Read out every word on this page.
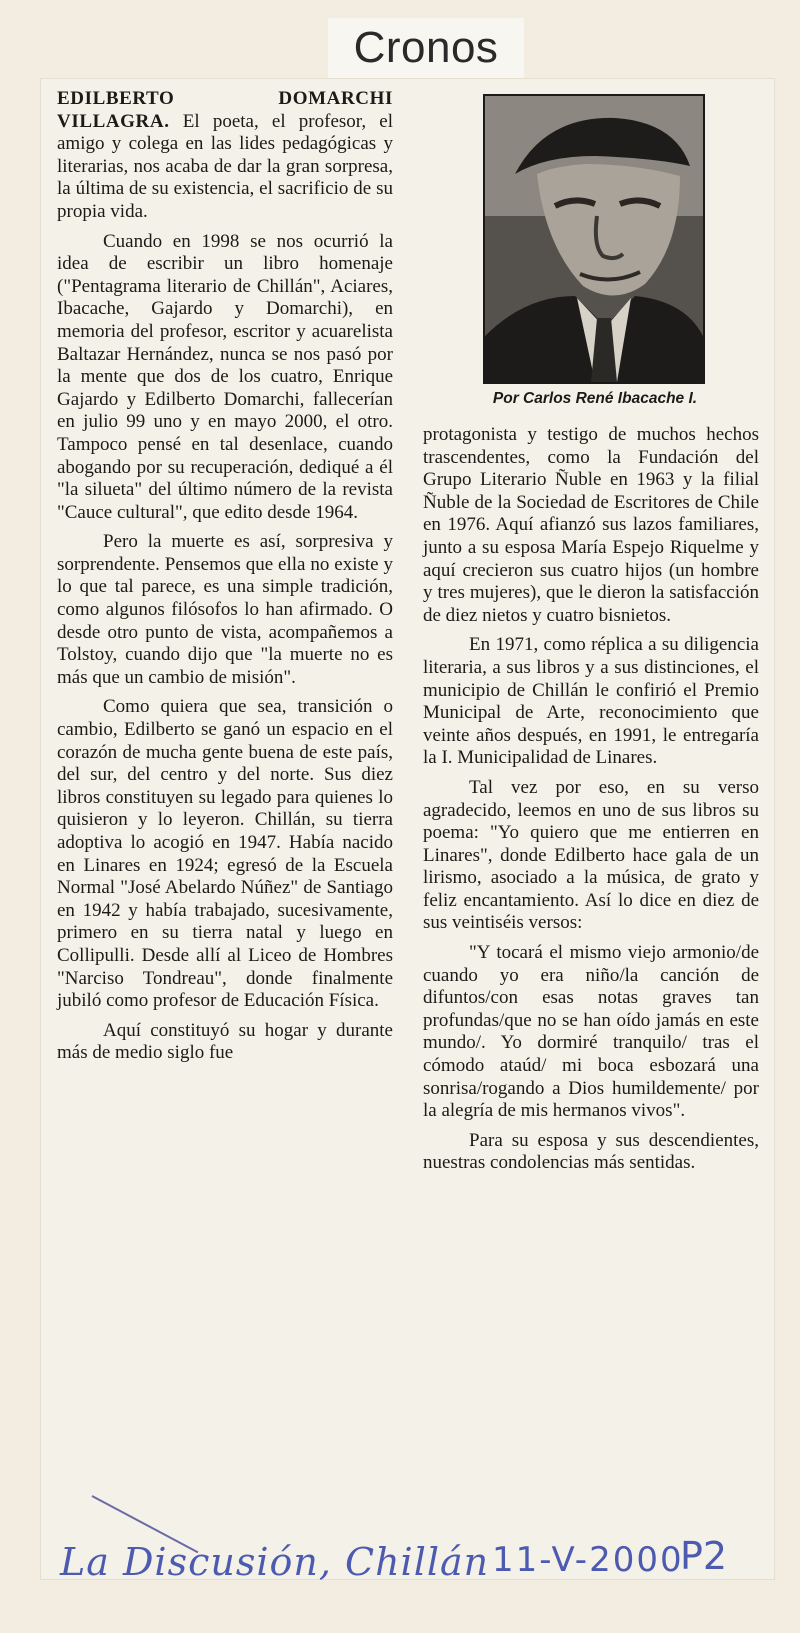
Cronos

EDILBERTO DOMARCHI VILLAGRA. El poeta, el profesor, el amigo y colega en las lides pedagógicas y literarias, nos acaba de dar la gran sorpresa, la última de su existencia, el sacrificio de su propia vida.

Cuando en 1998 se nos ocurrió la idea de escribir un libro homenaje ("Pentagrama literario de Chillán", Aciares, Ibacache, Gajardo y Domarchi), en memoria del profesor, escritor y acuarelista Baltazar Hernández, nunca se nos pasó por la mente que dos de los cuatro, Enrique Gajardo y Edilberto Domarchi, fallecerían en julio 99 uno y en mayo 2000, el otro. Tampoco pensé en tal desenlace, cuando abogando por su recuperación, dediqué a él "la silueta" del último número de la revista "Cauce cultural", que edito desde 1964.

Pero la muerte es así, sorpresiva y sorprendente. Pensemos que ella no existe y lo que tal parece, es una simple tradición, como algunos filósofos lo han afirmado. O desde otro punto de vista, acompañemos a Tolstoy, cuando dijo que "la muerte no es más que un cambio de misión".

Como quiera que sea, transición o cambio, Edilberto se ganó un espacio en el corazón de mucha gente buena de este país, del sur, del centro y del norte. Sus diez libros constituyen su legado para quienes lo quisieron y lo leyeron. Chillán, su tierra adoptiva lo acogió en 1947. Había nacido en Linares en 1924; egresó de la Escuela Normal "José Abelardo Núñez" de Santiago en 1942 y había trabajado, sucesivamente, primero en su tierra natal y luego en Collipulli. Desde allí al Liceo de Hombres "Narciso Tondreau", donde finalmente jubiló como profesor de Educación Física.

Aquí constituyó su hogar y durante más de medio siglo fue

Por Carlos René Ibacache I.

protagonista y testigo de muchos hechos trascendentes, como la Fundación del Grupo Literario Ñuble en 1963 y la filial Ñuble de la Sociedad de Escritores de Chile en 1976. Aquí afianzó sus lazos familiares, junto a su esposa María Espejo Riquelme y aquí crecieron sus cuatro hijos (un hombre y tres mujeres), que le dieron la satisfacción de diez nietos y cuatro bisnietos.

En 1971, como réplica a su diligencia literaria, a sus libros y a sus distinciones, el municipio de Chillán le confirió el Premio Municipal de Arte, reconocimiento que veinte años después, en 1991, le entregaría la I. Municipalidad de Linares.

Tal vez por eso, en su verso agradecido, leemos en uno de sus libros su poema: "Yo quiero que me entierren en Linares", donde Edilberto hace gala de un lirismo, asociado a la música, de grato y feliz encantamiento. Así lo dice en diez de sus veintiséis versos:

"Y tocará el mismo viejo armonio/de cuando yo era niño/la canción de difuntos/con esas notas graves tan profundas/que no se han oído jamás en este mundo/. Yo dormiré tranquilo/ tras el cómodo ataúd/ mi boca esbozará una sonrisa/rogando a Dios humildemente/ por la alegría de mis hermanos vivos".

Para su esposa y sus descendientes, nuestras condolencias más sentidas.

La Discusión, Chillán 11-V-2000
P2
